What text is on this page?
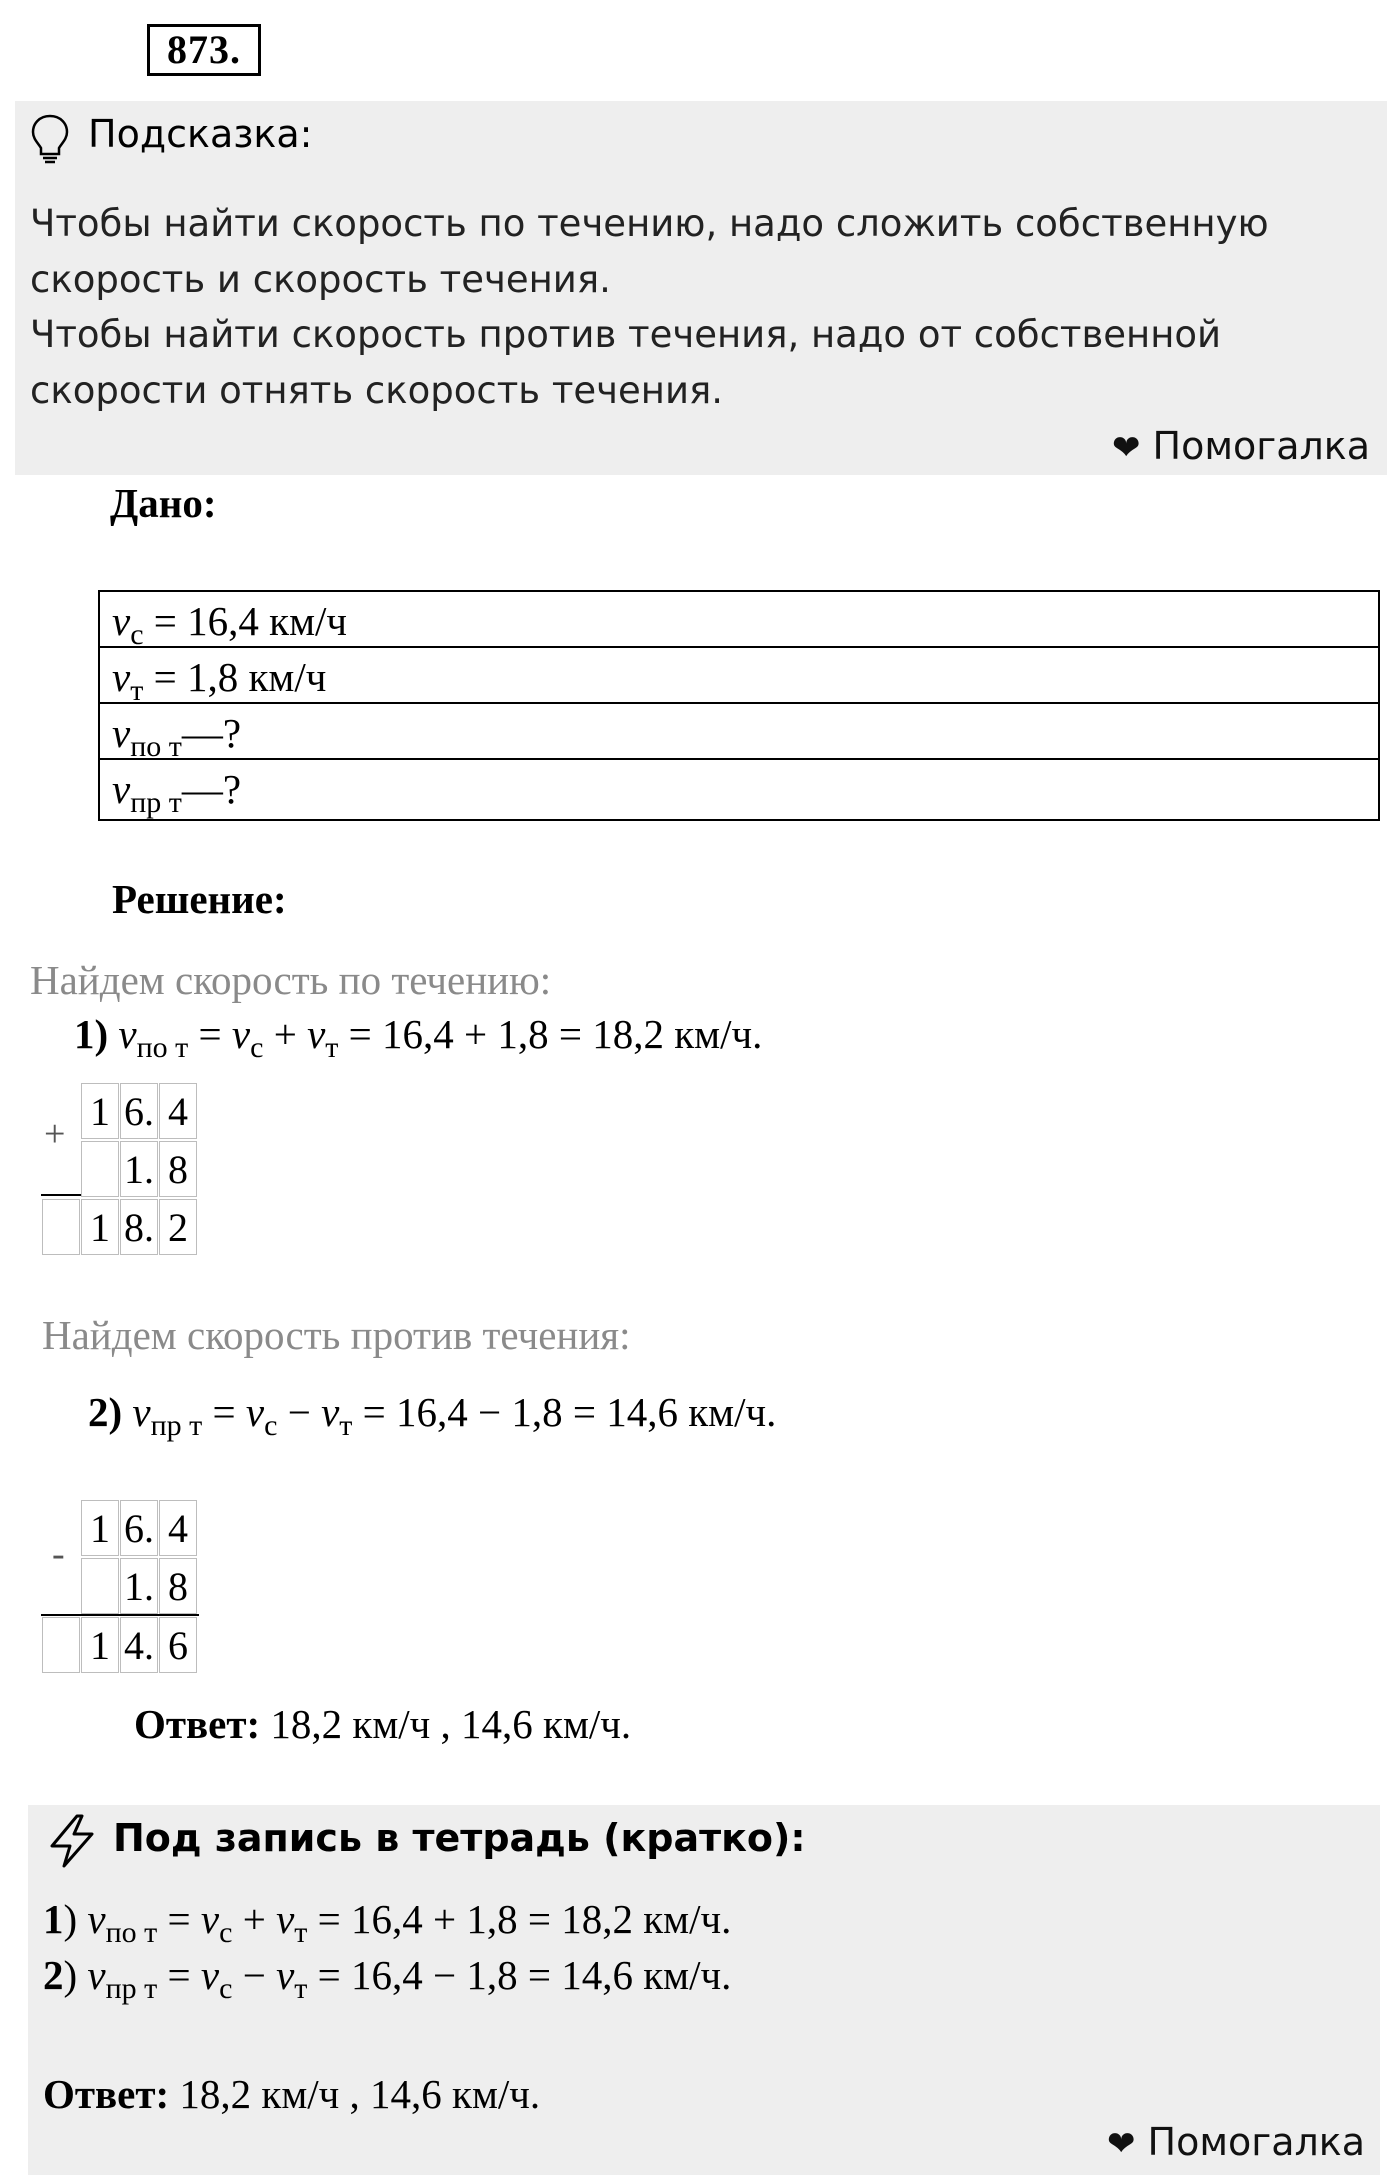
873.
Подсказка:
Чтобы найти скорость по течению, надо сложить собственную
скорость и скорость течения.
Чтобы найти скорость против течения, надо от собственной
скорости отнять скорость течения.
❤ Помогалка
Дано:
$v_с = 16,4$ км/ч
$v_т = 1,8$ км/ч
$v_{по т}—$?
$v_{пр т}—$?
Решение:
Найдем скорость по течению:
1) $v_{по т} = v_с + v_т = 16,4 + 1,8 = 18,2$ км/ч.
+ 1 6. 4
1. 8
1 8. 2
Найдем скорость против течения:
2) $v_{пр т} = v_с - v_т = 16,4 - 1,8 = 14,6$ км/ч.
-
1 6. 4
1. 8
1 4. 6
Ответ: 18,2 км/ч , 14,6 км/ч.
Под запись в тетрадь (кратко):
1) $v_{по т} = v_с + v_т = 16,4 + 1,8 = 18,2$ км/ч.
2) $v_{пр т} = v_с - v_т = 16,4 - 1,8 = 14,6$ км/ч.
Ответ: 18,2 км/ч , 14,6 км/ч.
❤ Помогалка
